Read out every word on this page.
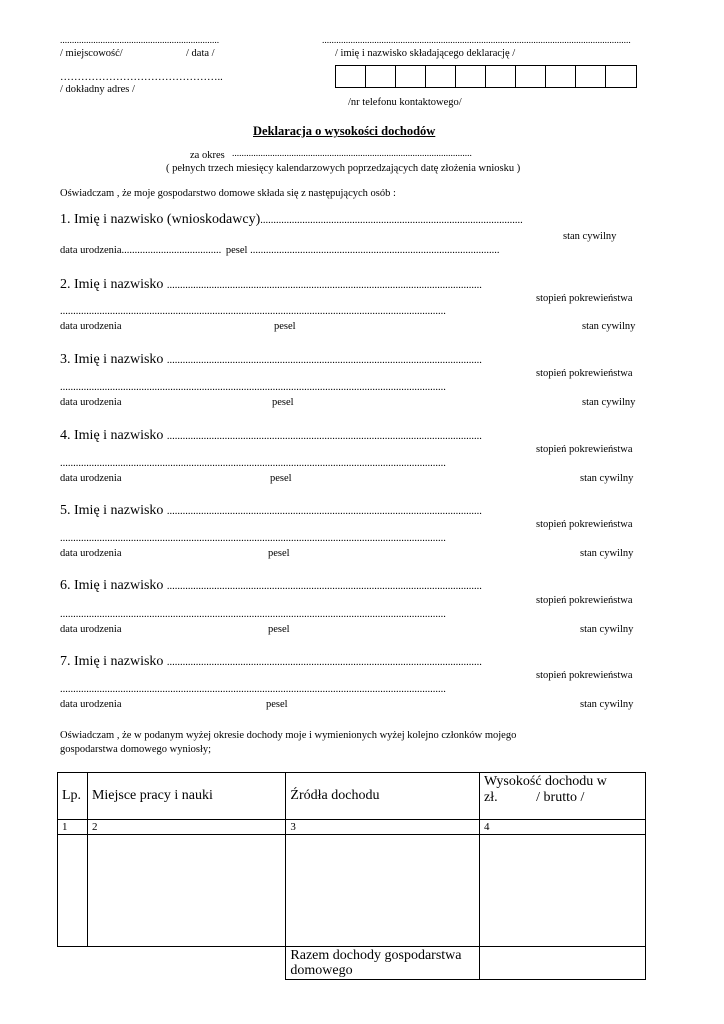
...................................................................	..................................................................................................................................
/ miejscowość/	/ data /	/ imię i nazwisko składającego deklarację /
………………………………………..
/ dokładny adres /
/nr telefonu kontaktowego/
Deklaracja o wysokości dochodów
za okres .....................................................................................................
( pełnych trzech miesięcy kalendarzowych poprzedzających datę złożenia wniosku )
Oświadczam , że moje gospodarstwo domowe składa się z następujących osób :
1. Imię i nazwisko (wnioskodawcy)....................................................................................................
stan cywilny
data urodzenia...................................... pesel ...............................................................................................
2. Imię i nazwisko ........................................................................................................................
stopień pokrewieństwa
...................................................................................................................................................
data urodzenia	pesel	stan cywilny
3. Imię i nazwisko ........................................................................................................................
stopień pokrewieństwa
...................................................................................................................................................
data urodzenia	pesel	stan cywilny
4. Imię i nazwisko ........................................................................................................................
stopień pokrewieństwa
...................................................................................................................................................
data urodzenia	pesel	stan cywilny
5. Imię i nazwisko ........................................................................................................................
stopień pokrewieństwa
...................................................................................................................................................
data urodzenia	pesel	stan cywilny
6. Imię i nazwisko ........................................................................................................................
stopień pokrewieństwa
...................................................................................................................................................
data urodzenia	pesel	stan cywilny
7. Imię i nazwisko ........................................................................................................................
stopień pokrewieństwa
...................................................................................................................................................
data urodzenia	pesel	stan cywilny
Oświadczam , że w podanym wyżej okresie dochody moje i wymienionych wyżej kolejno członków mojego
gospodarstwa domowego wyniosły;
Lp.	Miejsce pracy i nauki	Źródła dochodu	Wysokość dochodu w
zł.           / brutto /
1	2	3	4

		Razem dochody gospodarstwa
domowego	
